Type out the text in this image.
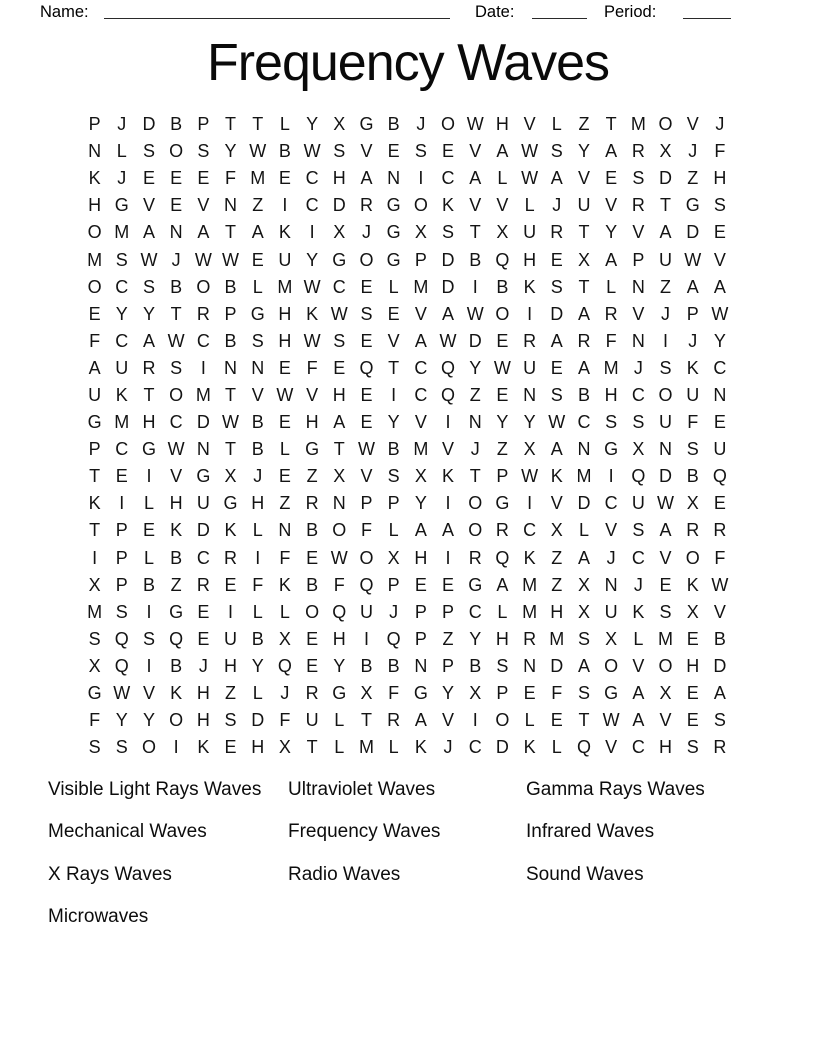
Name:	Date:	Period:
Frequency Waves
P J D B P T T L Y X G B J O W H V L Z T M O V J
N L S O S Y W B W S V E S E V A W S Y A R X J F
K J E E E F M E C H A N	I	C A L W A V E S D Z H
H G V E V N Z	I	C D R G O K V V L J U V R T G S
O M A N A T A K	I	X J G X S T X U R T Y V A D E
M S W J W W E U Y G O G P D B Q H E X A P U W V
O C S B O B L M W C E L M D	I	B K S T L N Z A A
E Y Y T R P G H K W S E V A W O I	D A R V J P W
F C A W C B S H W S E V A W D E R A R F N	I	J Y
A U R S	I	N N E F E Q T C Q Y W U E A M J S K C
U K T O M T V W V H E	I	C Q Z E N S B H C O U N
G M H C D W B E H A E Y V	I	N Y Y W C S S U F E
P C G W N T B L G T W B M V J Z X A N G X N S U
T E	I	V G X J E Z X V S X K T P W K M I Q D B Q
K	I	L H U G H Z R N P P Y	I O G I	V D C U W X E
T P E K D K L N B O F L A A O R C X L V S A R R
I	P L B C R	I	F E W O X H	I	R Q K Z A J C V O F
X P B Z R E F K B F Q P E E G A M Z X N J E K W
M S	I G E	I	L L O Q U J P P C L M H X U K S X V
S Q S Q E U B X E H	I Q P Z Y H R M S X L M E B
X Q I	B J H Y Q E Y B B N P B S N D A O V O H D
G W V K H Z L J R G X F G Y X P E F S G A X E A
F Y Y O H S D F U L T R A V	I O L E T W A V E S
S S O I	K E H X T L M L K J C D K L Q V C H S R
Visible Light Rays Waves	Ultraviolet Waves	Gamma Rays Waves
Mechanical Waves	Frequency Waves	Infrared Waves
X Rays Waves	Radio Waves	Sound Waves
Microwaves
